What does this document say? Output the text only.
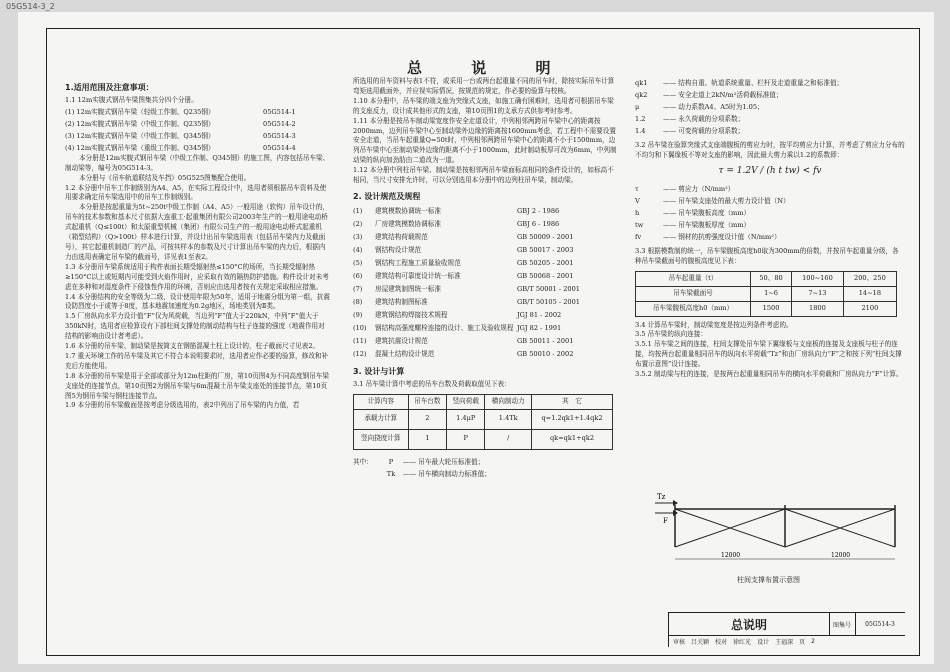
05G514-3_2
总 说 明
1.适用范围及注意事项：

1.1 12m实腹式钢吊车梁图集共分四个分册。

(1) 12m实腹式钢吊车梁（轻级工作制、Q235钢）	05G514-1
(2) 12m实腹式钢吊车梁（中级工作制、Q235钢）	05G514-2
(3) 12m实腹式钢吊车梁（中级工作制、Q345钢）	05G514-3
(4) 12m实腹式钢吊车梁（重级工作制、Q345钢）	05G514-4

本分册是12m实腹式钢吊车梁（中级工作制、Q345钢）的施工图，内容包括吊车梁、制动梁等，编号为05G514-3。

本分册与《吊车轨道联结及车挡》05G525图集配合使用。

1.2 本分册中吊车工作制级别为A4、A5，在实际工程设计中，选用者须根据吊车资料及使用要求确定吊车梁选用中的吊车工作制级别。

本分册是按起重量为5t~250t中级工作制（A4、A5）一般用途（软钩）吊车设计的，吊车的技术参数和基本尺寸依据大连重工·起重集团有限公司2003年生产的一般用途电动桥式起重机（Q≤100t）和太原重型机械（集团）有限公司生产的一般用途电动桥式起重机（箱型结构）（Q>100t）样本进行计算，并设计出吊车梁选用表（包括吊车梁内力及截面号），其它起重机制造厂的产品，可按其样本的参数及尺寸计算出吊车梁的内力后，根据内力由选用表确定吊车梁的截面号，详见表1至表2。

1.3 本分册吊车梁系统适用于构件表面长期受辐射热≤150°C的场所，当长期受辐射热≥150°C以上或短期内可能受到火焰作用时，应采取有效的隔热防护措施。构件设计对未考虑在多种和对湿度条件下侵蚀性作用的环境，否则应由选用者按有关规定采取相应措施。

1.4 本分册结构的安全等级为二级，设计使用年限为50年，适用于地震分组为第一组，抗震设防烈度小于或等于8度，基本地震加速度为0.2g地区，场地类别为Ⅱ类。

1.5 厂房纵向水平力设计值“F”仅为风荷载，当边列“F”值大于220kN，中列“F”值大于350kN时，选用者应检算设有下部柱间支撑处的制动结构与柱子连接的强度（地震作用对结构的影响由设计者考虑）。

1.6 本分册的吊车梁、制动梁是按简支在钢筋混凝土柱上设计的，柱子截面尺寸见表2。

1.7 重天环境工作的吊车梁及其它不符合本说明要求时，选用者应作必要的验算，修改和补充后方能使用。

1.8 本分册的吊车梁是用于全部或部分为12m柱距的厂房，第10页图4为不同高度钢吊车梁支座处的连接节点，第10页图2为钢吊车梁与6m混凝土吊车梁支座处的连接节点，第10页图5为钢吊车梁与钢柱连接节点。

1.9 本分册的吊车梁截面是按考虑分级选用的，表2中列出了吊车梁的内力值，若

所选用的吊车资料与表1不符，或采用一台或两台起重量不同的吊车时，除按实际吊车计算弯矩选用截面外，并应视实际情况，按规范的规定，作必要的验算与校核。

1.10 本分册中，吊车梁的端支座为突缘式支座，如施工确有困难时，选用者可根据吊车梁的支座反力，设计成其他形式的支座，第10页图1的支承方式供参考时参考。

1.11 本分册是按吊车制动梁宽度作安全走道设计，中列相邻两跨吊车梁中心的距离按2000mm，边列吊车梁中心至制动梁外边缘的距离按1600mm考虑，若工程中不需要设置安全走道，当吊车起重量Q=50t时，中列相邻两跨吊车梁中心的距离不小于1500mm，边列吊车梁中心至制动梁外边缘的距离不小于1000mm，此时制动板厚可改为6mm，中列制动梁的纵向加劲肋由二道改为一道。

1.12 本分册中列柱吊车梁、制动梁是按相邻两吊车梁面标高相同的条件设计的，如标高不相同，当尺寸安排允许时，可以分别选用本分册中的边列柱吊车梁，制动梁。

2. 设计规范及规程
(1)	建筑模数协调统一标准	GBJ 2 - 1986
(2)	厂房建筑模数协调标准	GBJ 6 - 1986
(3)	建筑结构荷载规范	GB 50009 - 2001
(4)	钢结构设计规范	GB 50017 - 2003
(5)	钢结构工程施工质量验收规范	GB 50205 - 2001
(6)	建筑结构可靠度设计统一标准	GB 50068 - 2001
(7)	房屋建筑制图统一标准	GB/T 50001 - 2001
(8)	建筑结构制图标准	GB/T 50105 - 2001
(9)	建筑钢结构焊接技术规程	JGJ 81 - 2002
(10)	钢结构高强度螺栓连接的设计、施工及验收规程 JGJ 82 - 1991
(11)	建筑抗震设计规范	GB 50011 - 2001
(12)	混凝土结构设计规范	GB 50010 - 2002
3. 设计与计算

3.1 吊车梁计算中考虑的吊车台数及荷载取值见下表：

计算内容	吊车台数	竖向荷载	横向制动力	其　它
承载力计算	2	1.4μP	1.4Tk	q=1.2qk1+1.4qk2
竖向挠度计算	1	P	/	qk=qk1+qk2
其中：	P	—— 吊车最大轮压标准值；
Tk	—— 吊车横向制动力标准值；
qk1	—— 结构自重、轨道系统重量、栏杆及走道重量之和标准值；
qk2	—— 安全走道上2kN/m²活荷载标准值；
μ	—— 动力系数A4、A5时为1.05；
1.2	—— 永久荷载的分项系数；
1.4	—— 可变荷载的分项系数；

3.2 吊车梁在验算突缘式支座端腹板的剪应力时，按平均剪应力计算，并考虑了剪应力分布的不均匀和下翼缘板不等对支座的影响，因此最大剪力乘以1.2的系数即：

τ = 1.2V / (h t tw) < fv
τ	—— 剪应力（N/mm²）
V	—— 吊车梁支座处的最大剪力设计值（N）
h	—— 吊车梁腹板高度（mm）
tw	—— 吊车梁腹板厚度（mm）
fv	—— 钢材的抗剪强度设计值（N/mm²）

3.3 根据模数制的统一，吊车梁腹板高度h0取为300mm的倍数，并按吊车起重量分级，各种吊车梁截面号的腹板高度见下表：

吊车起重量（t）	50、80	100~160	200、250
吊车梁截面号	1~6	7~13	14~18
吊车梁腹板高度h0（mm）	1500	1800	2100

3.4 计算吊车梁时，制动梁宽度是按边列条件考虑的。

3.5 吊车梁的纵向连接：

3.5.1 吊车梁之间的连接，柱间支撑处吊车梁下翼缘板与支座板的连接及支座板与柱子的连接，均按两台起重量相同吊车的纵向水平荷载“Tz”和由厂房纵向力“F”之和按下列“柱间支撑布置示意图”设计连接。

3.5.2 制动梁与柱的连接，是按两台起重量相同吊车的横向水平荷载和厂房纵向力“F”计算。

Tz
F
12000	12000
柱间支撑布置示意图
总说明	图集号	05G514-3
审核 吕关颖 校对 徐红光 设计 王福深 页 2
